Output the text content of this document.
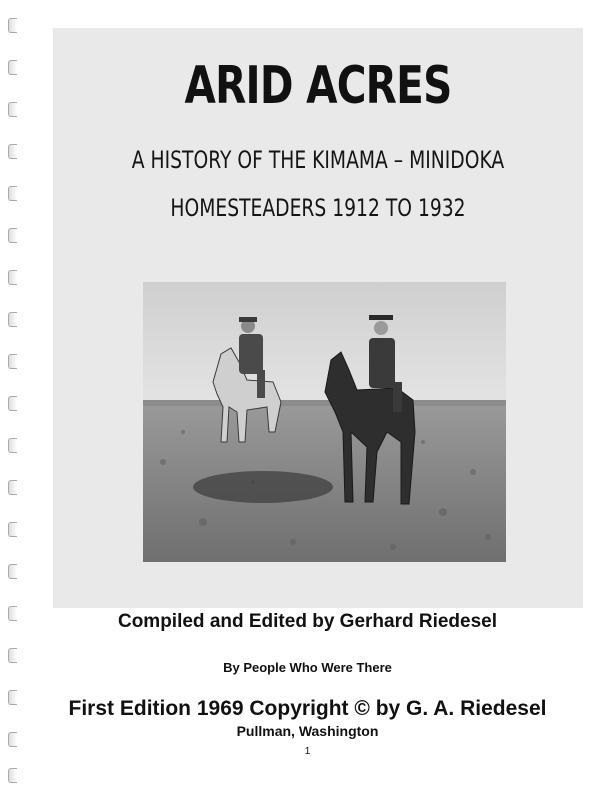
ARID ACRES
A HISTORY OF THE KIMAMA – MINIDOKA
HOMESTEADERS 1912 TO 1932
Compiled and Edited by Gerhard Riedesel
By People Who Were There
First Edition 1969 Copyright © by G. A. Riedesel
Pullman, Washington
1
